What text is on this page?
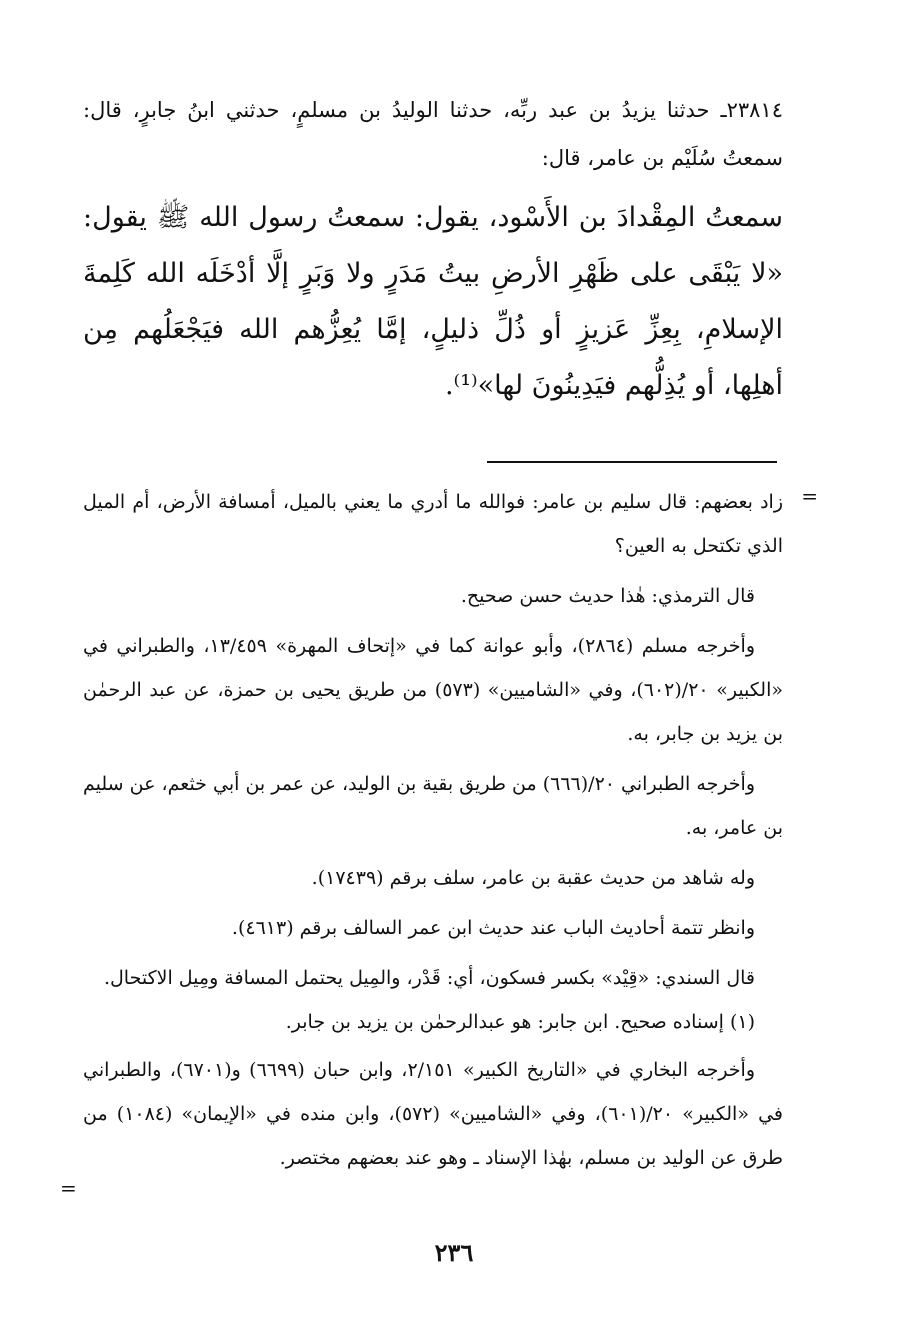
٢٣٨١٤ـ حدثنا يزيدُ بن عبد ربِّه، حدثنا الوليدُ بن مسلمٍ، حدثني ابنُ جابرٍ، قال: سمعتُ سُلَيْم بن عامر، قال:
سمعتُ المِقْدادَ بن الأَسْود، يقول: سمعتُ رسول الله ﷺ يقول: «لا يَبْقَى على ظَهْرِ الأرضِ بيتُ مَدَرٍ ولا وَبَرٍ إلَّا أدْخَلَه الله كَلِمةَ الإسلامِ، بِعِزِّ عَزيزٍ أو ذُلِّ ذليلٍ، إمَّا يُعِزُّهم الله فيَجْعَلُهم مِن أهلِها، أو يُذِلُّهم فيَدِينُونَ لها»⁽¹⁾.
=

زاد بعضهم: قال سليم بن عامر: فوالله ما أدري ما يعني بالميل، أمسافة الأرض، أم الميل الذي تكتحل به العين؟

قال الترمذي: هٰذا حديث حسن صحيح.

وأخرجه مسلم (٢٨٦٤)، وأبو عوانة كما في «إتحاف المهرة» ١٣/٤٥٩، والطبراني في «الكبير» ٢٠/(٦٠٢)، وفي «الشاميين» (٥٧٣) من طريق يحيى بن حمزة، عن عبد الرحمٰن بن يزيد بن جابر، به.

وأخرجه الطبراني ٢٠/(٦٦٦) من طريق بقية بن الوليد، عن عمر بن أبي خثعم، عن سليم بن عامر، به.

وله شاهد من حديث عقبة بن عامر، سلف برقم (١٧٤٣٩).

وانظر تتمة أحاديث الباب عند حديث ابن عمر السالف برقم (٤٦١٣).

قال السندي: «قِيْد» بكسر فسكون، أي: قَدْر، والمِيل يحتمل المسافة ومِيل الاكتحال.

(١) إسناده صحيح. ابن جابر: هو عبدالرحمٰن بن يزيد بن جابر.

وأخرجه البخاري في «التاريخ الكبير» ٢/١٥١، وابن حبان (٦٦٩٩) و(٦٧٠١)، والطبراني في «الكبير» ٢٠/(٦٠١)، وفي «الشاميين» (٥٧٢)، وابن منده في «الإيمان» (١٠٨٤) من طرق عن الوليد بن مسلم، بهٰذا الإسناد ـ وهو عند بعضهم مختصر.

=
٢٣٦
